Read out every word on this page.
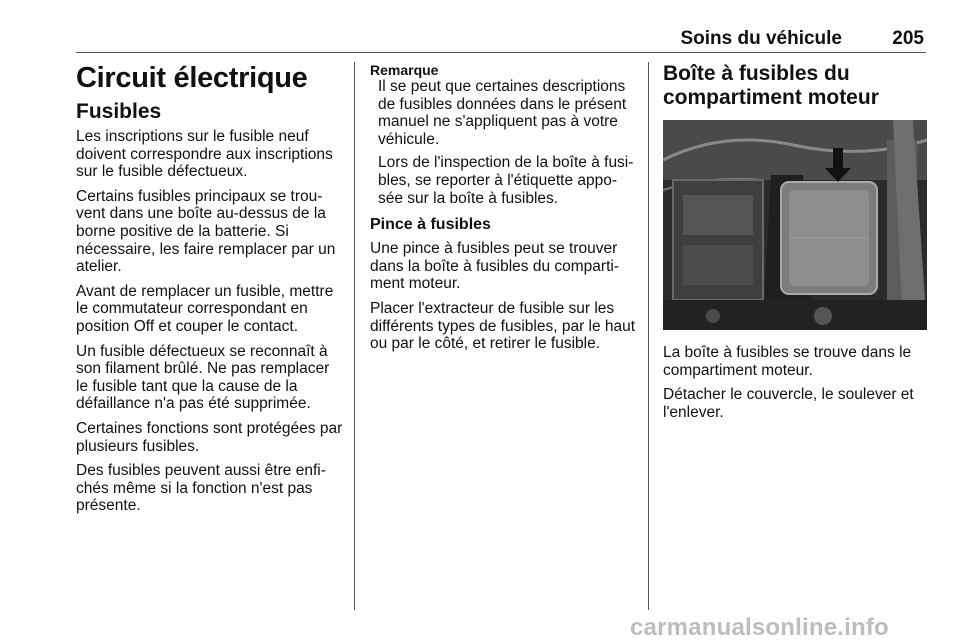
Soins du véhicule	205
Circuit électrique
Fusibles

Les inscriptions sur le fusible neuf doivent correspondre aux inscriptions sur le fusible défectueux.

Certains fusibles principaux se trou-vent dans une boîte au-dessus de la borne positive de la batterie. Si nécessaire, les faire remplacer par un atelier.

Avant de remplacer un fusible, mettre le commutateur correspondant en position Off et couper le contact.

Un fusible défectueux se reconnaît à son filament brûlé. Ne pas remplacer le fusible tant que la cause de la défaillance n'a pas été supprimée.

Certaines fonctions sont protégées par plusieurs fusibles.

Des fusibles peuvent aussi être enfi-chés même si la fonction n'est pas présente.

Remarque

Il se peut que certaines descriptions de fusibles données dans le présent manuel ne s'appliquent pas à votre véhicule.

Lors de l'inspection de la boîte à fusi-bles, se reporter à l'étiquette appo-sée sur la boîte à fusibles.

Pince à fusibles

Une pince à fusibles peut se trouver dans la boîte à fusibles du comparti-ment moteur.

Placer l'extracteur de fusible sur les différents types de fusibles, par le haut ou par le côté, et retirer le fusible.

Boîte à fusibles du compartiment moteur

La boîte à fusibles se trouve dans le compartiment moteur.

Détacher le couvercle, le soulever et l'enlever.

carmanualsonline.info
